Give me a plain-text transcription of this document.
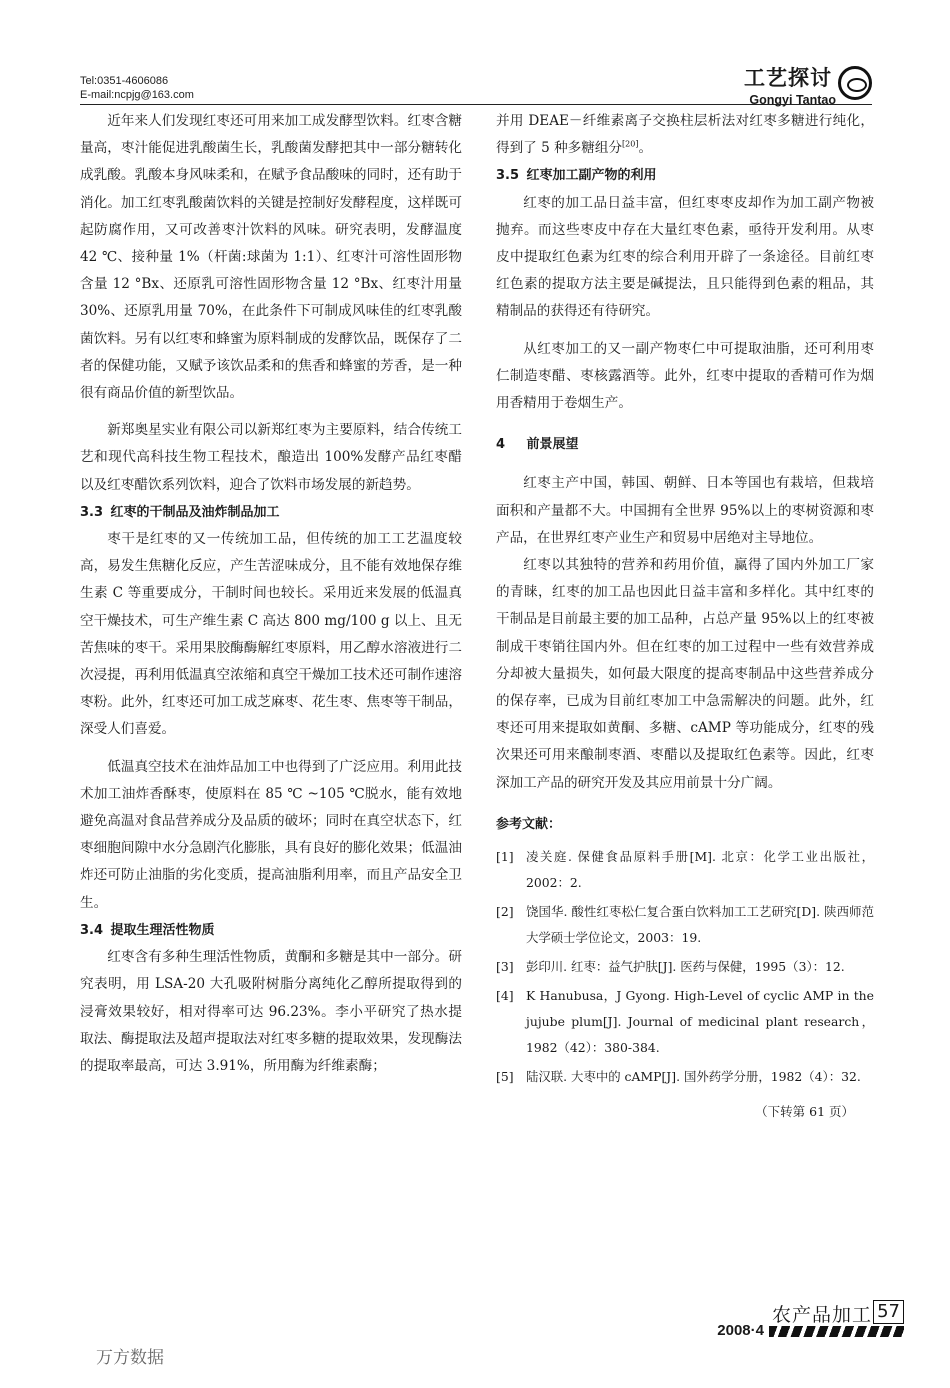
Tel:0351-4606086
E-mail:ncpjg@163.com
工艺探讨
Gongyi Tantao

近年来人们发现红枣还可用来加工成发酵型饮料。红枣含糖量高，枣汁能促进乳酸菌生长，乳酸菌发酵把其中一部分糖转化成乳酸。乳酸本身风味柔和，在赋予食品酸味的同时，还有助于消化。加工红枣乳酸菌饮料的关键是控制好发酵程度，这样既可起防腐作用，又可改善枣汁饮料的风味。研究表明，发酵温度 42 ℃、接种量 1%（杆菌:球菌为 1:1）、红枣汁可溶性固形物含量 12 °Bx、还原乳可溶性固形物含量 12 °Bx、红枣汁用量 30%、还原乳用量 70%，在此条件下可制成风味佳的红枣乳酸菌饮料。另有以红枣和蜂蜜为原料制成的发酵饮品，既保存了二者的保健功能，又赋予该饮品柔和的焦香和蜂蜜的芳香，是一种很有商品价值的新型饮品。

新郑奥星实业有限公司以新郑红枣为主要原料，结合传统工艺和现代高科技生物工程技术，酿造出 100%发酵产品红枣醋以及红枣醋饮系列饮料，迎合了饮料市场发展的新趋势。

3.3 红枣的干制品及油炸制品加工

枣干是红枣的又一传统加工品，但传统的加工工艺温度较高，易发生焦糖化反应，产生苦涩味成分，且不能有效地保存维生素 C 等重要成分，干制时间也较长。采用近来发展的低温真空干燥技术，可生产维生素 C 高达 800 mg/100 g 以上、且无苦焦味的枣干。采用果胶酶酶解红枣原料，用乙醇水溶液进行二次浸提，再利用低温真空浓缩和真空干燥加工技术还可制作速溶枣粉。此外，红枣还可加工成芝麻枣、花生枣、焦枣等干制品，深受人们喜爱。

低温真空技术在油炸品加工中也得到了广泛应用。利用此技术加工油炸香酥枣，使原料在 85 ℃ ~105 ℃脱水，能有效地避免高温对食品营养成分及品质的破坏；同时在真空状态下，红枣细胞间隙中水分急剧汽化膨胀，具有良好的膨化效果；低温油炸还可防止油脂的劣化变质，提高油脂利用率，而且产品安全卫生。

3.4 提取生理活性物质

红枣含有多种生理活性物质，黄酮和多糖是其中一部分。研究表明，用 LSA-20 大孔吸附树脂分离纯化乙醇所提取得到的浸膏效果较好，相对得率可达 96.23%。李小平研究了热水提取法、酶提取法及超声提取法对红枣多糖的提取效果，发现酶法的提取率最高，可达 3.91%，所用酶为纤维素酶；

并用 DEAE－纤维素离子交换柱层析法对红枣多糖进行纯化，得到了 5 种多糖组分[20]。

3.5 红枣加工副产物的利用

红枣的加工品日益丰富，但红枣枣皮却作为加工副产物被抛弃。而这些枣皮中存在大量红枣色素，亟待开发利用。从枣皮中提取红色素为红枣的综合利用开辟了一条途径。目前红枣红色素的提取方法主要是碱提法，且只能得到色素的粗品，其精制品的获得还有待研究。

从红枣加工的又一副产物枣仁中可提取油脂，还可利用枣仁制造枣醋、枣核露酒等。此外，红枣中提取的香精可作为烟用香精用于卷烟生产。

4 前景展望

红枣主产中国，韩国、朝鲜、日本等国也有栽培，但栽培面积和产量都不大。中国拥有全世界 95%以上的枣树资源和枣产品，在世界红枣产业生产和贸易中居绝对主导地位。

红枣以其独特的营养和药用价值，赢得了国内外加工厂家的青睐，红枣的加工品也因此日益丰富和多样化。其中红枣的干制品是目前最主要的加工品种，占总产量 95%以上的红枣被制成干枣销往国内外。但在红枣的加工过程中一些有效营养成分却被大量损失，如何最大限度的提高枣制品中这些营养成分的保存率，已成为目前红枣加工中急需解决的问题。此外，红枣还可用来提取如黄酮、多糖、cAMP 等功能成分，红枣的残次果还可用来酿制枣酒、枣醋以及提取红色素等。因此，红枣深加工产品的研究开发及其应用前景十分广阔。

参考文献：
[1]	凌关庭. 保健食品原料手册[M]. 北京：化学工业出版社，2002：2.
[2]	饶国华. 酸性红枣松仁复合蛋白饮料加工工艺研究[D]. 陕西师范大学硕士学位论文，2003：19.
[3]	彭印川. 红枣：益气护肤[J]. 医药与保健，1995（3）：12.
[4]	K Hanubusa，J Gyong. High-Level of cyclic AMP in the jujube plum[J]. Journal of medicinal plant research，1982（42）：380-384.
[5]	陆汉联. 大枣中的 cAMP[J]. 国外药学分册，1982（4）：32.
（下转第 61 页）
农产品加工 57
2008·4
万方数据
